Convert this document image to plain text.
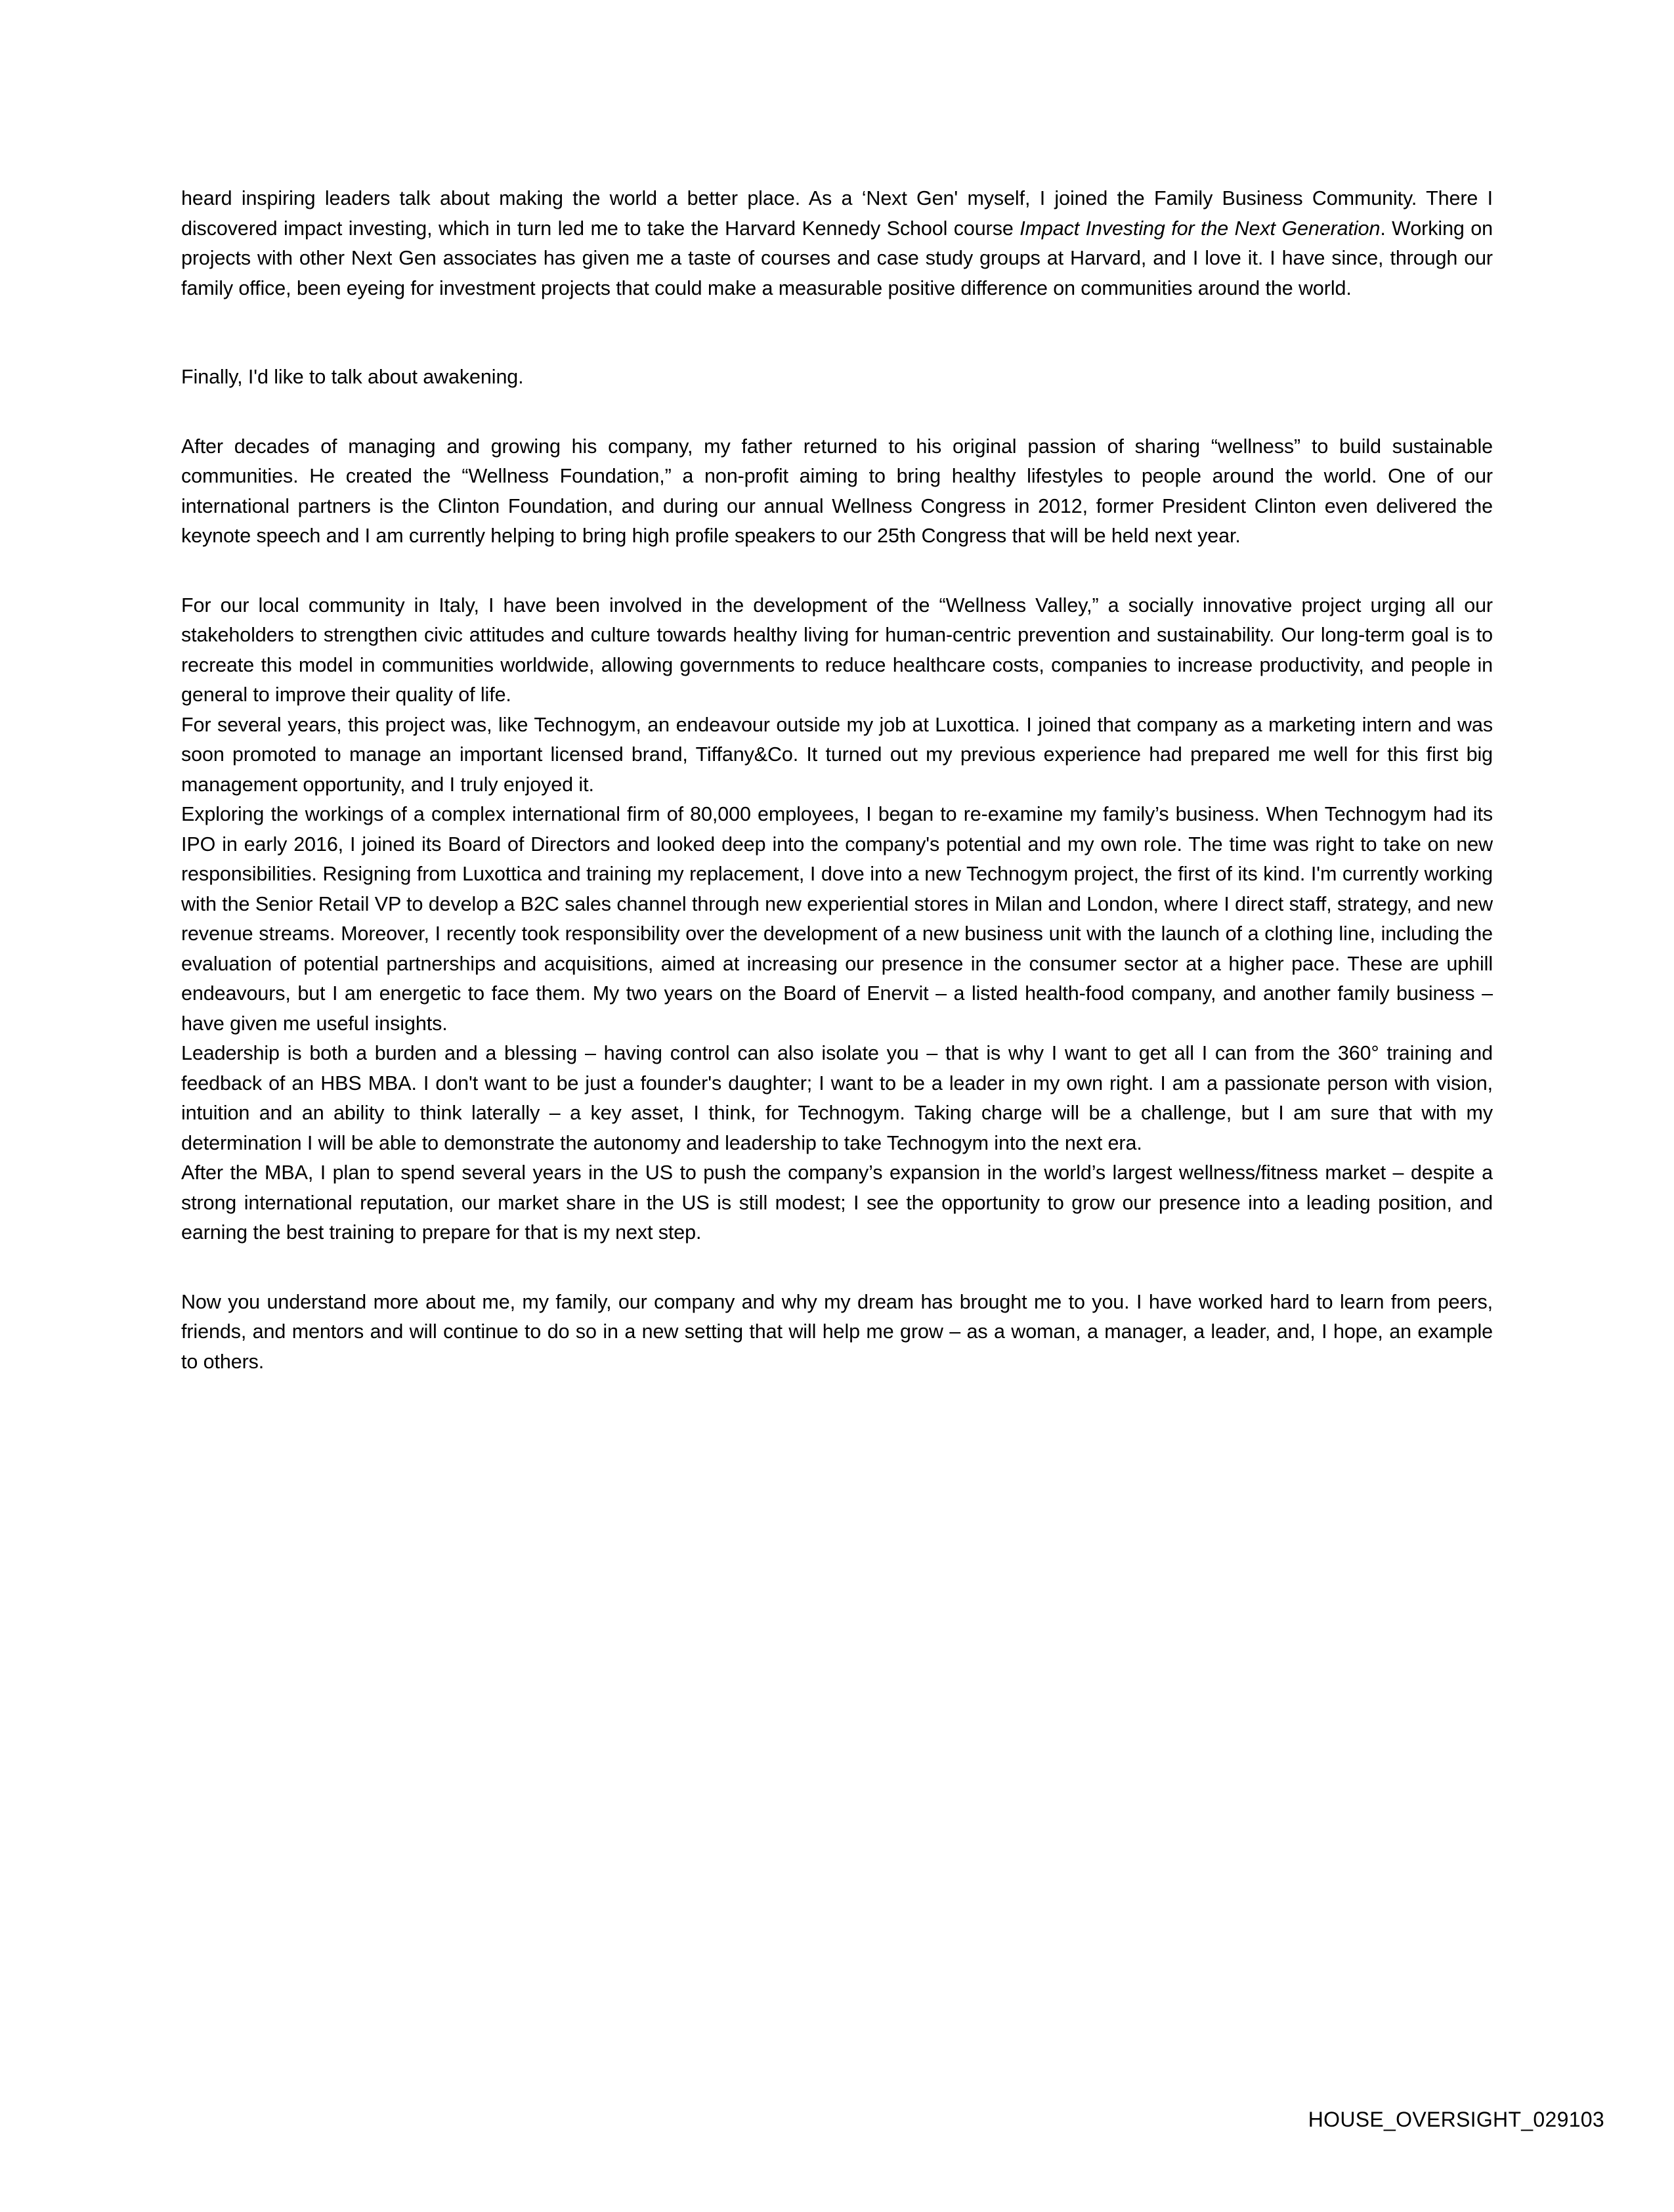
heard inspiring leaders talk about making the world a better place. As a ‘Next Gen' myself, I joined the Family Business Community. There I discovered impact investing, which in turn led me to take the Harvard Kennedy School course Impact Investing for the Next Generation. Working on projects with other Next Gen associates has given me a taste of courses and case study groups at Harvard, and I love it. I have since, through our family office, been eyeing for investment projects that could make a measurable positive difference on communities around the world.

Finally, I'd like to talk about awakening.

After decades of managing and growing his company, my father returned to his original passion of sharing “wellness” to build sustainable communities. He created the “Wellness Foundation,” a non-profit aiming to bring healthy lifestyles to people around the world. One of our international partners is the Clinton Foundation, and during our annual Wellness Congress in 2012, former President Clinton even delivered the keynote speech and I am currently helping to bring high profile speakers to our 25th Congress that will be held next year.

For our local community in Italy, I have been involved in the development of the “Wellness Valley,” a socially innovative project urging all our stakeholders to strengthen civic attitudes and culture towards healthy living for human-centric prevention and sustainability. Our long-term goal is to recreate this model in communities worldwide, allowing governments to reduce healthcare costs, companies to increase productivity, and people in general to improve their quality of life.

For several years, this project was, like Technogym, an endeavour outside my job at Luxottica. I joined that company as a marketing intern and was soon promoted to manage an important licensed brand, Tiffany&Co. It turned out my previous experience had prepared me well for this first big management opportunity, and I truly enjoyed it.

Exploring the workings of a complex international firm of 80,000 employees, I began to re-examine my family’s business. When Technogym had its IPO in early 2016, I joined its Board of Directors and looked deep into the company's potential and my own role. The time was right to take on new responsibilities. Resigning from Luxottica and training my replacement, I dove into a new Technogym project, the first of its kind. I'm currently working with the Senior Retail VP to develop a B2C sales channel through new experiential stores in Milan and London, where I direct staff, strategy, and new revenue streams. Moreover, I recently took responsibility over the development of a new business unit with the launch of a clothing line, including the evaluation of potential partnerships and acquisitions, aimed at increasing our presence in the consumer sector at a higher pace. These are uphill endeavours, but I am energetic to face them. My two years on the Board of Enervit – a listed health-food company, and another family business – have given me useful insights.

Leadership is both a burden and a blessing – having control can also isolate you – that is why I want to get all I can from the 360° training and feedback of an HBS MBA. I don't want to be just a founder's daughter; I want to be a leader in my own right. I am a passionate person with vision, intuition and an ability to think laterally – a key asset, I think, for Technogym. Taking charge will be a challenge, but I am sure that with my determination I will be able to demonstrate the autonomy and leadership to take Technogym into the next era.

After the MBA, I plan to spend several years in the US to push the company’s expansion in the world’s largest wellness/fitness market – despite a strong international reputation, our market share in the US is still modest; I see the opportunity to grow our presence into a leading position, and earning the best training to prepare for that is my next step.

Now you understand more about me, my family, our company and why my dream has brought me to you. I have worked hard to learn from peers, friends, and mentors and will continue to do so in a new setting that will help me grow – as a woman, a manager, a leader, and, I hope, an example to others.

HOUSE_OVERSIGHT_029103
